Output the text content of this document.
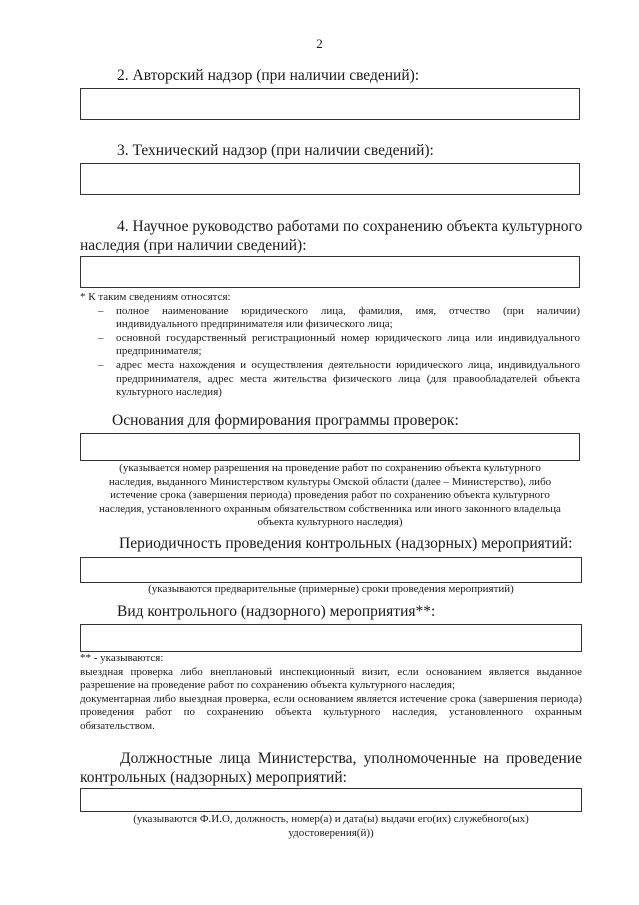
2
2. Авторский надзор (при наличии сведений):
3. Технический надзор (при наличии сведений):
4. Научное руководство работами по сохранению объекта культурного
наследия (при наличии сведений):
* К таким сведениям относятся:
– полное наименование юридического лица, фамилия, имя, отчество (при наличии) индивидуального предпринимателя или физического лица;
– основной государственный регистрационный номер юридического лица или индивидуального предпринимателя;
– адрес места нахождения и осуществления деятельности юридического лица, индивидуального предпринимателя, адрес места жительства физического лица (для правообладателей объекта культурного наследия)
Основания для формирования программы проверок:
(указывается номер разрешения на проведение работ по сохранению объекта культурного
наследия, выданного Министерством культуры Омской области (далее – Министерство), либо
истечение срока (завершения периода) проведения работ по сохранению объекта культурного
наследия, установленного охранным обязательством собственника или иного законного владельца
объекта культурного наследия)
Периодичность проведения контрольных (надзорных) мероприятий:
(указываются предварительные (примерные) сроки проведения мероприятий)
Вид контрольного (надзорного) мероприятия**:
** - указываются:
выездная проверка либо внеплановый инспекционный визит, если основанием является выданное разрешение на проведение работ по сохранению объекта культурного наследия;
документарная либо выездная проверка, если основанием является истечение срока (завершения периода) проведения работ по сохранению объекта культурного наследия, установленного охранным обязательством.
Должностные лица Министерства, уполномоченные на проведение
контрольных (надзорных) мероприятий:
(указываются Ф.И.О, должность, номер(а) и дата(ы) выдачи его(их) служебного(ых)
удостоверения(й))
